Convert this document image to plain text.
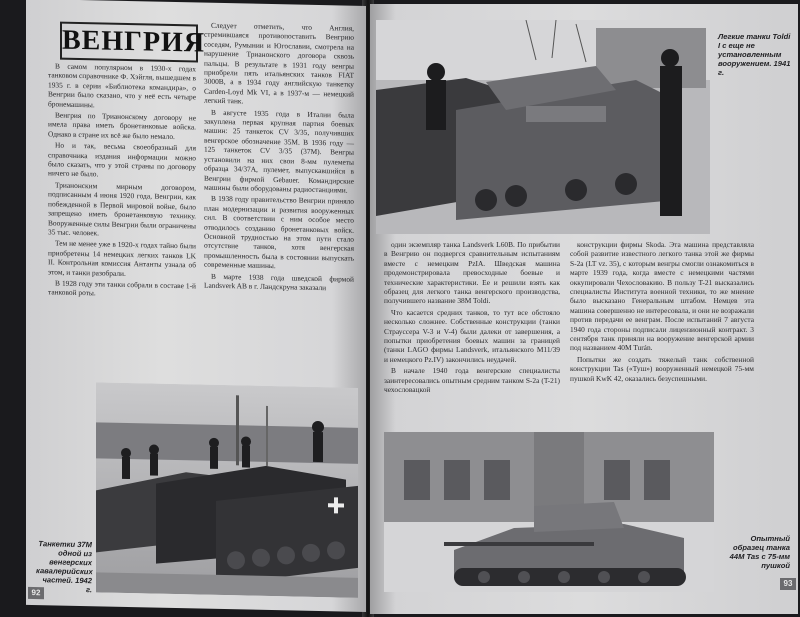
ВЕНГРИЯ

В самом популярном в 1930-х годах танковом справочнике Ф. Хэйгля, вышедшем в 1935 г. в серии «Библиотека командира», о Венгрии было сказано, что у неё есть четыре бронемашины.

Венгрия по Трианонскому договору не имела права иметь бронетанковые войска. Однако в стране их всё же было немало.

Но и так, весьма своеобразный для справочника издания информации можно было сказать, что у этой страны по договору ничего не было.

Трианонским мирным договором, подписанным 4 июня 1920 года, Венгрии, как побежденной в Первой мировой войне, было запрещено иметь бронетанковую технику. Вооруженные силы Венгрии были ограничены 35 тыс. человек.

Тем не менее уже в 1920-х годах тайно были приобретены 14 немецких легких танков LK II. Контрольная комиссия Антанты узнала об этом, и танки разобрали.

В 1928 году эти танки собрали в составе 1-й танковой роты.

Следует отметить, что Англия, стремившаяся противопоставить Венгрию соседям, Румынии и Югославии, смотрела на нарушение Трианонского договора сквозь пальцы. В результате в 1931 году венгры приобрели пять итальянских танков FIAT 3000B, а в 1934 году английскую танкетку Carden-Loyd Mk VI, а в 1937-м — немецкий легкий танк.

В августе 1935 года в Италии была закуплена первая крупная партия боевых машин: 25 танкеток CV 3/35, получивших венгерское обозначение 35M. В 1936 году — 125 танкеток CV 3/35 (37M). Венгры установили на них свои 8-мм пулеметы образца 34/37A, пулемет, выпускавшийся в Венгрии фирмой Gebauer. Командирские машины были оборудованы радиостанциями.

В 1938 году правительство Венгрии приняло план модернизации и развития вооруженных сил. В соответствии с ним особое место отводилось созданию бронетанковых войск. Основной трудностью на этом пути стало отсутствие танков, хотя венгерская промышленность была в состоянии выпускать современные машины.

В марте 1938 года шведской фирмой Landsverk AB в г. Ландскруна заказали

Танкетки 37M одной из венгерских кавалерийских частей. 1942 г.
92
Легкие танки Toldi I с еще не установленным вооружением. 1941 г.

один экземпляр танка Landsverk L60B. По прибытии в Венгрию он подвергся сравнительным испытаниям вместе с немецким PzIA. Шведская машина продемонстрировала превосходные боевые и технические характеристики. Ее и решили взять как образец для легкого танка венгерского производства, получившего название 38M Toldi.

Что касается средних танков, то тут все обстояло несколько сложнее. Собственные конструкции (танки Страуссера V-3 и V-4) были далеки от завершения, а попытки приобретения боевых машин за границей (танки LAGO фирмы Landsverk, итальянского M11/39 и немецкого Pz.IV) закончились неудачей.

В начале 1940 года венгерские специалисты заинтересовались опытным средним танком S-2a (T-21) чехословацкой

конструкции фирмы Skoda. Эта машина представляла собой развитие известного легкого танка этой же фирмы S-2a (LT vz. 35), с которым венгры смогли ознакомиться в марте 1939 года, когда вместе с немецкими частями оккупировали Чехословакию. В пользу T-21 высказались специалисты Института военной техники, то же мнение было высказано Генеральным штабом. Немцев эта машина совершенно не интересовала, и они не возражали против передачи ее венграм. После испытаний 7 августа 1940 года стороны подписали лицензионный контракт. 3 сентября танк приняли на вооружение венгерской армии под названием 40M Turán.

Попытки же создать тяжелый танк собственной конструкции Tas («Туш») вооруженный немецкой 75-мм пушкой KwK 42, оказались безуспешными.

Опытный образец танка 44M Tas с 75-мм пушкой
93
